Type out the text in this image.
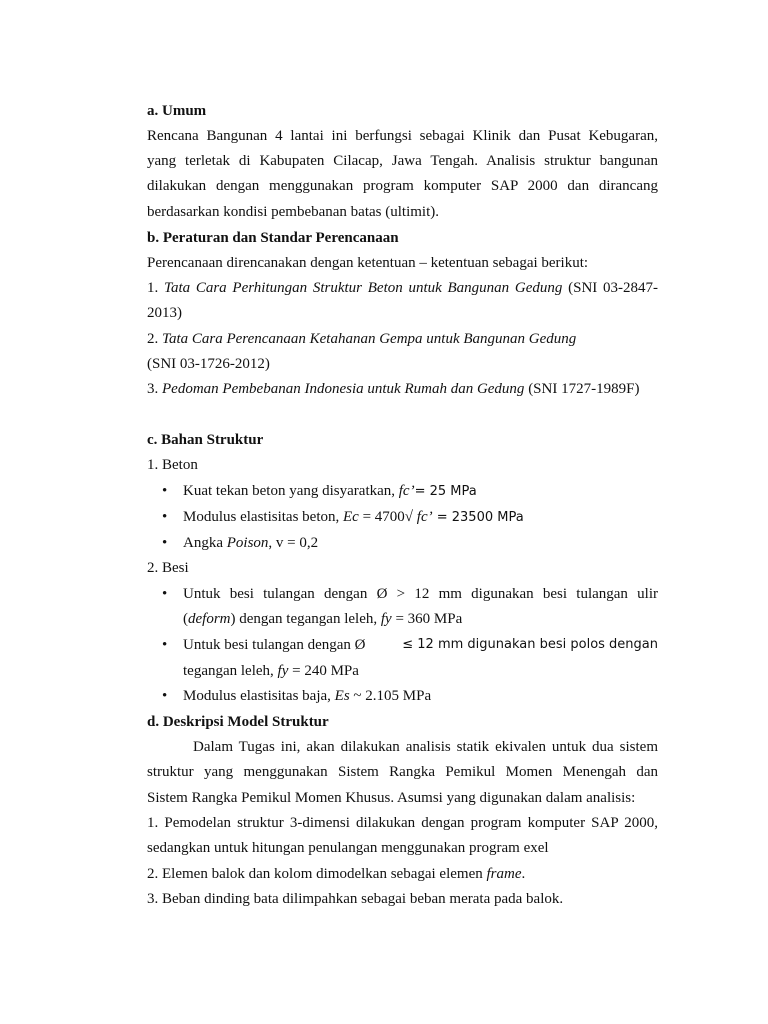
a. Umum
Rencana Bangunan 4 lantai ini berfungsi sebagai Klinik dan Pusat Kebugaran,
yang terletak di Kabupaten Cilacap, Jawa Tengah. Analisis struktur bangunan
dilakukan dengan menggunakan program komputer SAP 2000 dan dirancang
berdasarkan kondisi pembebanan batas (ultimit).
b. Peraturan dan Standar Perencanaan
Perencanaan direncanakan dengan ketentuan – ketentuan sebagai berikut:
1. Tata Cara Perhitungan Struktur Beton untuk Bangunan Gedung (SNI 03-2847-
2013)
2. Tata Cara Perencanaan Ketahanan Gempa untuk Bangunan Gedung
(SNI 03-1726-2012)
3. Pedoman Pembebanan Indonesia untuk Rumah dan Gedung (SNI 1727-1989F)
c. Bahan Struktur
1. Beton
• Kuat tekan beton yang disyaratkan, fc’= 25 MPa
• Modulus elastisitas beton, Ec = 4700√ fc’ = 23500 MPa
• Angka Poison, v = 0,2
2. Besi
• Untuk besi tulangan dengan Ø > 12 mm digunakan besi tulangan ulir
(deform) dengan tegangan leleh, fy = 360 MPa
• Untuk besi tulangan dengan Ø	≤ 12 mm digunakan besi polos dengan
tegangan leleh, fy = 240 MPa
• Modulus elastisitas baja, Es ~ 2.105 MPa
d. Deskripsi Model Struktur
Dalam Tugas ini, akan dilakukan analisis statik ekivalen untuk dua sistem
struktur yang menggunakan Sistem Rangka Pemikul Momen Menengah dan
Sistem Rangka Pemikul Momen Khusus. Asumsi yang digunakan dalam analisis:
1. Pemodelan struktur 3-dimensi dilakukan dengan program komputer SAP 2000,
sedangkan untuk hitungan penulangan menggunakan program exel
2. Elemen balok dan kolom dimodelkan sebagai elemen frame.
3. Beban dinding bata dilimpahkan sebagai beban merata pada balok.
